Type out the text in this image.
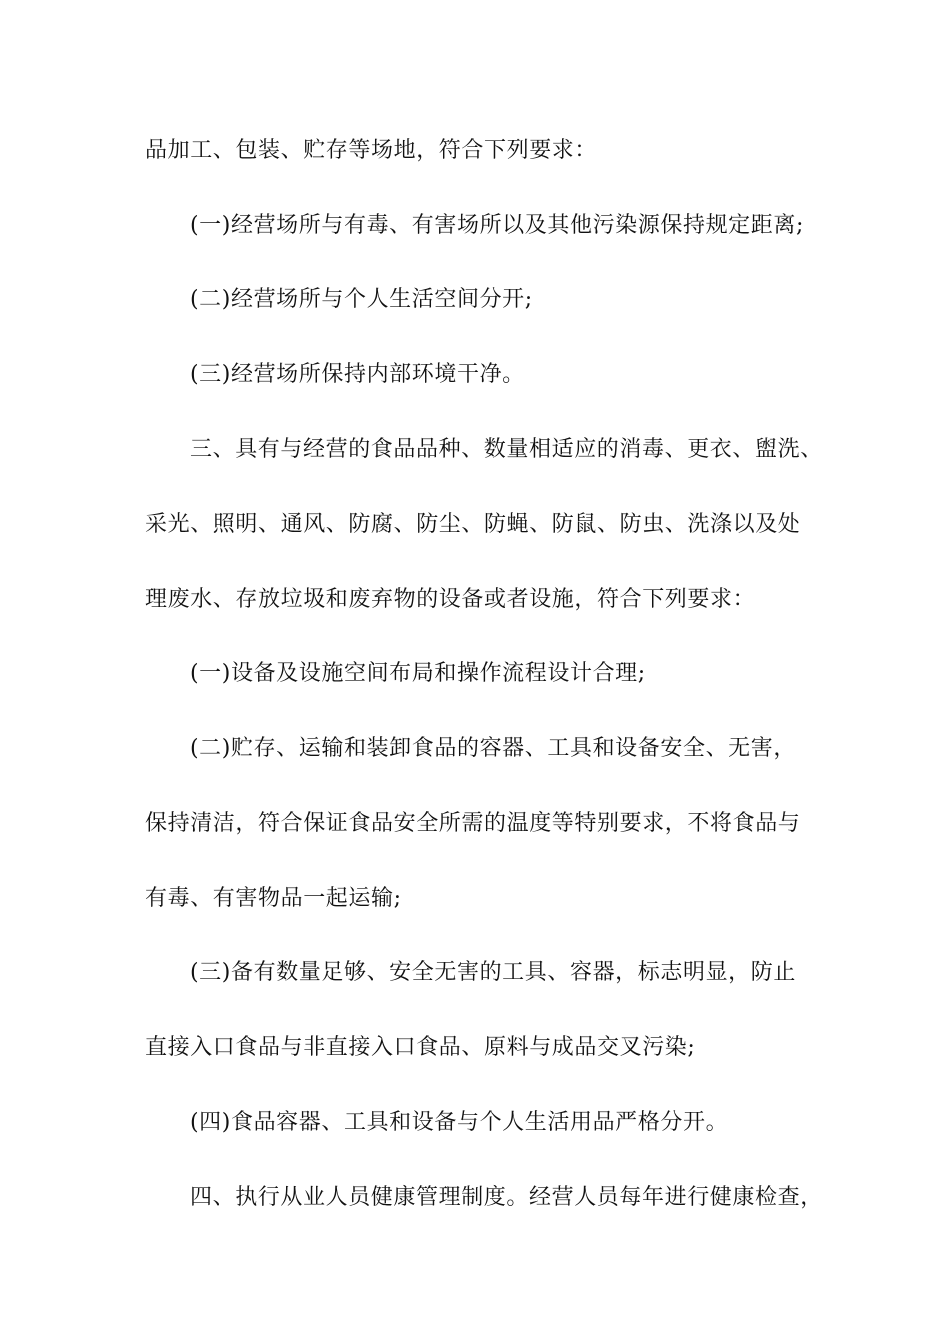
品加工、包装、贮存等场地，符合下列要求：
(一)经营场所与有毒、有害场所以及其他污染源保持规定距离;
(二)经营场所与个人生活空间分开;
(三)经营场所保持内部环境干净。
三、具有与经营的食品品种、数量相适应的消毒、更衣、盥洗、
采光、照明、通风、防腐、防尘、防蝇、防鼠、防虫、洗涤以及处
理废水、存放垃圾和废弃物的设备或者设施，符合下列要求：
(一)设备及设施空间布局和操作流程设计合理;
(二)贮存、运输和装卸食品的容器、工具和设备安全、无害，
保持清洁，符合保证食品安全所需的温度等特别要求，不将食品与
有毒、有害物品一起运输;
(三)备有数量足够、安全无害的工具、容器，标志明显，防止
直接入口食品与非直接入口食品、原料与成品交叉污染;
(四)食品容器、工具和设备与个人生活用品严格分开。
四、执行从业人员健康管理制度。经营人员每年进行健康检查，
